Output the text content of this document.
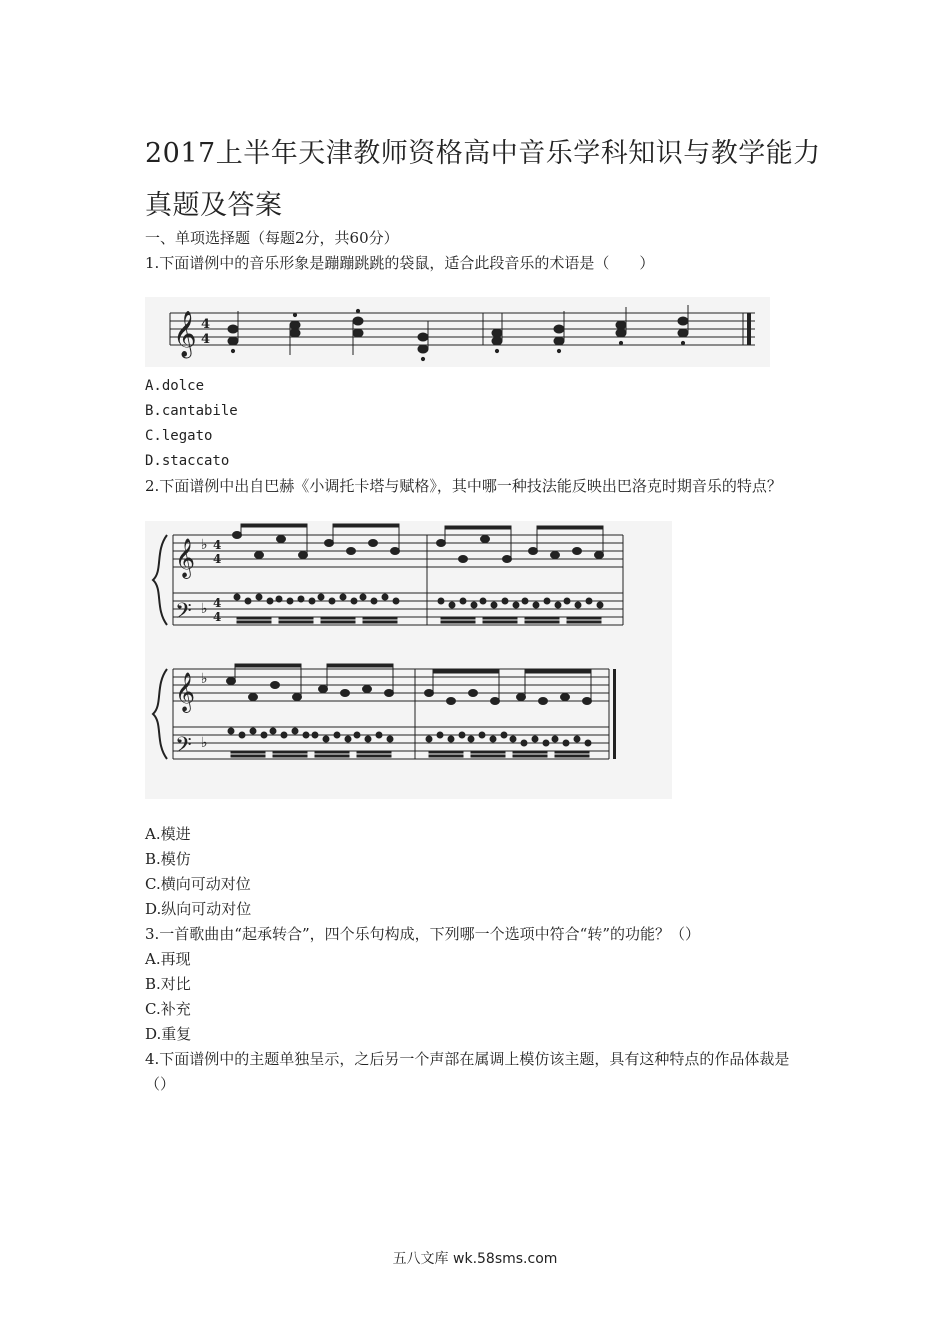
2017上半年天津教师资格高中音乐学科知识与教学能力真题及答案
一、单项选择题（每题2分，共60分）
1.下面谱例中的音乐形象是蹦蹦跳跳的袋鼠，适合此段音乐的术语是（　　）
𝄞 4
4
A.dolce
B.cantabile
C.legato
D.staccato
2.下面谱例中出自巴赫《小调托卡塔与赋格》，其中哪一种技法能反映出巴洛克时期音乐的特点？
𝄞
𝄢
𝄞
𝄢
♭
♭
♭
♭
4
4
4
4
A.模进
B.模仿
C.横向可动对位
D.纵向可动对位
3.一首歌曲由“起承转合”，四个乐句构成，下列哪一个选项中符合“转”的功能？（）
A.再现
B.对比
C.补充
D.重复
4.下面谱例中的主题单独呈示，之后另一个声部在属调上模仿该主题，具有这种特点的作品体裁是（）
五八文库 wk.58sms.com
